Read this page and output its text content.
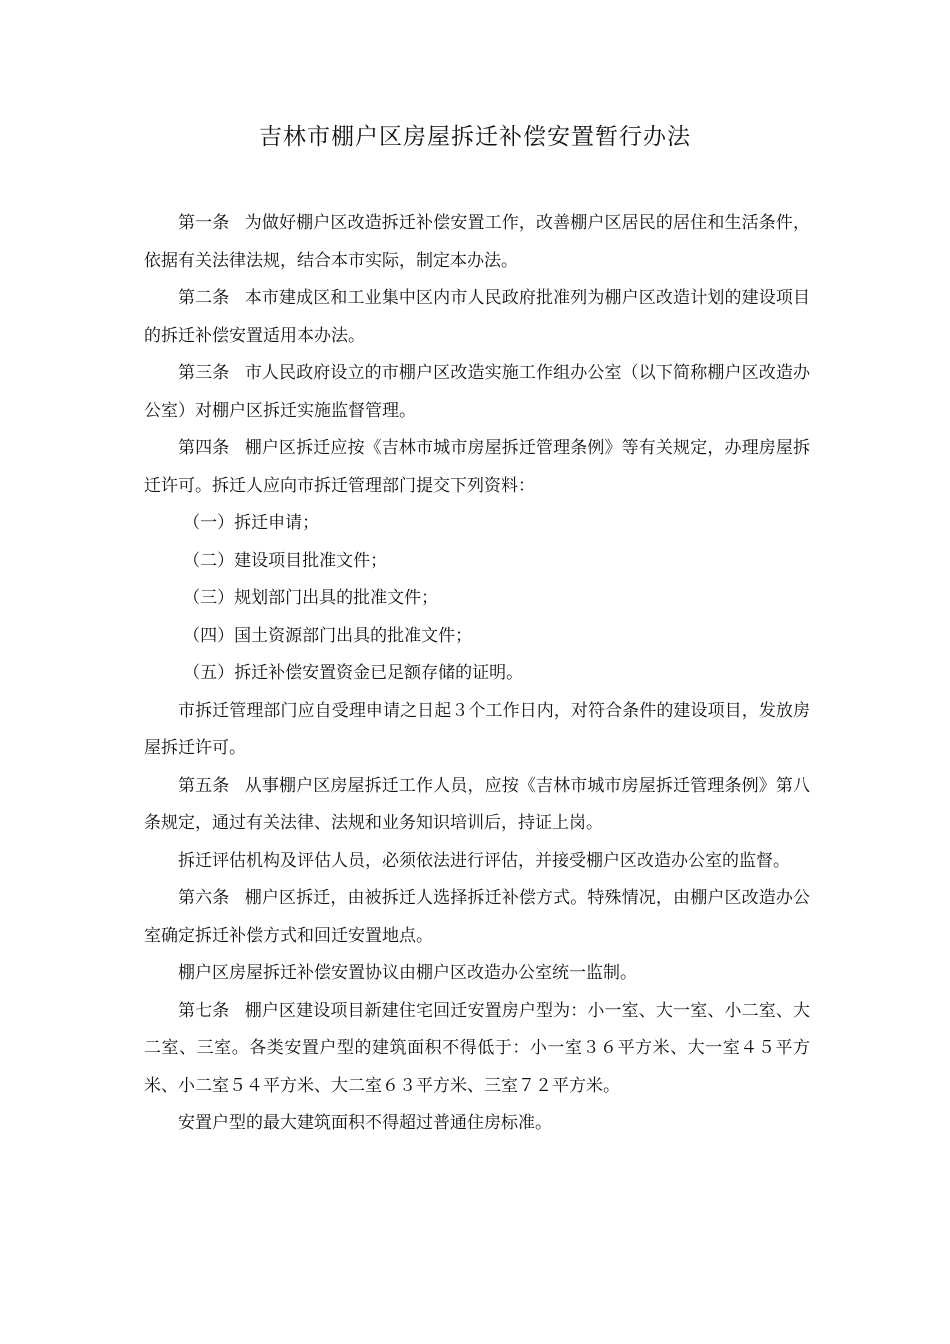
吉林市棚户区房屋拆迁补偿安置暂行办法

第一条 为做好棚户区改造拆迁补偿安置工作，改善棚户区居民的居住和生活条件，依据有关法律法规，结合本市实际，制定本办法。

第二条 本市建成区和工业集中区内市人民政府批准列为棚户区改造计划的建设项目的拆迁补偿安置适用本办法。

第三条 市人民政府设立的市棚户区改造实施工作组办公室（以下简称棚户区改造办公室）对棚户区拆迁实施监督管理。

第四条 棚户区拆迁应按《吉林市城市房屋拆迁管理条例》等有关规定，办理房屋拆迁许可。拆迁人应向市拆迁管理部门提交下列资料：

（一）拆迁申请；

（二）建设项目批准文件；

（三）规划部门出具的批准文件；

（四）国土资源部门出具的批准文件；

（五）拆迁补偿安置资金已足额存储的证明。

市拆迁管理部门应自受理申请之日起３个工作日内，对符合条件的建设项目，发放房屋拆迁许可。

第五条 从事棚户区房屋拆迁工作人员，应按《吉林市城市房屋拆迁管理条例》第八条规定，通过有关法律、法规和业务知识培训后，持证上岗。

拆迁评估机构及评估人员，必须依法进行评估，并接受棚户区改造办公室的监督。

第六条 棚户区拆迁，由被拆迁人选择拆迁补偿方式。特殊情况，由棚户区改造办公室确定拆迁补偿方式和回迁安置地点。

棚户区房屋拆迁补偿安置协议由棚户区改造办公室统一监制。

第七条 棚户区建设项目新建住宅回迁安置房户型为：小一室、大一室、小二室、大二室、三室。各类安置户型的建筑面积不得低于：小一室３６平方米、大一室４５平方米、小二室５４平方米、大二室６３平方米、三室７２平方米。

安置户型的最大建筑面积不得超过普通住房标准。
